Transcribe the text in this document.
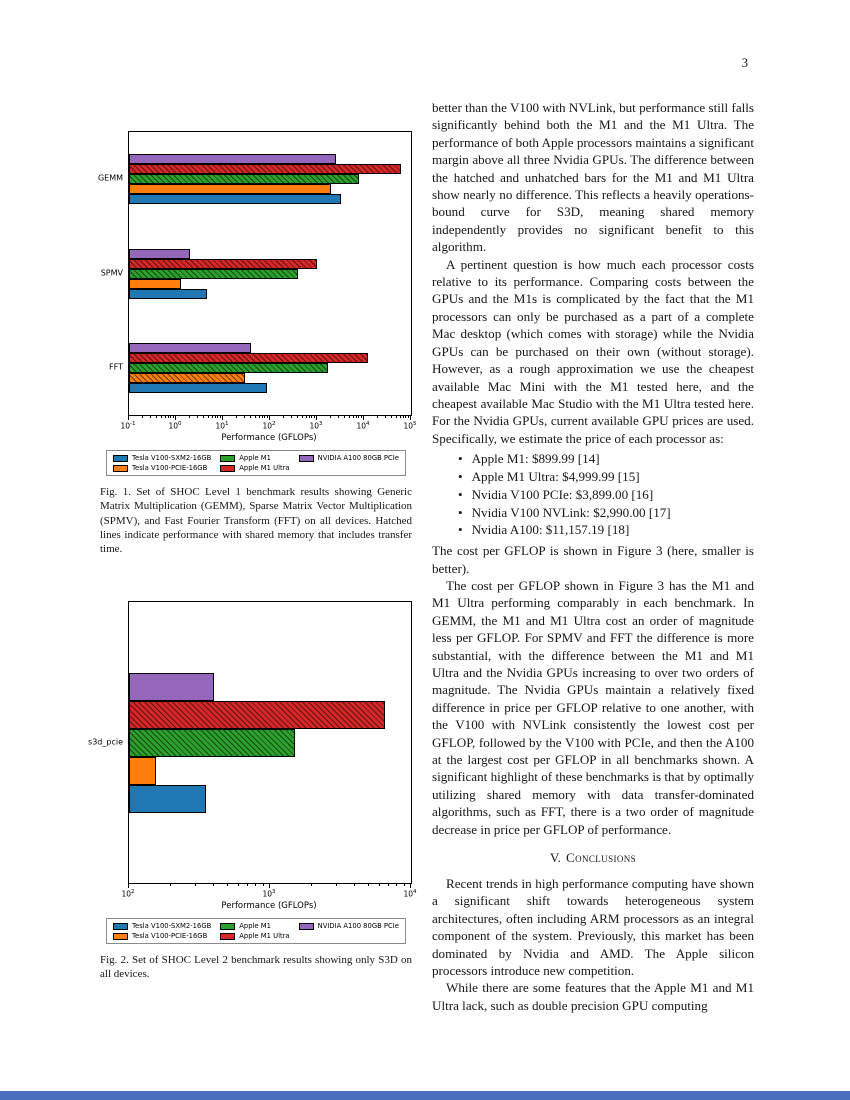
3
GEMM
SPMV
FFT
$10^{-1}$	$10^0$	$10^1$	$10^2$	$10^3$	$10^4$	$10^5$
Performance (GFLOPs)
Tesla V100-SXM2-16GB
Tesla V100-PCIE-16GB
Apple M1
Apple M1 Ultra
NVIDIA A100 80GB PCIe
Fig. 1. Set of SHOC Level 1 benchmark results showing Generic Matrix Multiplication (GEMM), Sparse Matrix Vector Multiplication (SPMV), and Fast Fourier Transform (FFT) on all devices. Hatched lines indicate performance with shared memory that includes transfer time.
s3d_pcie
$10^2$	$10^3$	$10^4$
Performance (GFLOPs)
Tesla V100-SXM2-16GB
Tesla V100-PCIE-16GB
Apple M1
Apple M1 Ultra
NVIDIA A100 80GB PCIe
Fig. 2. Set of SHOC Level 2 benchmark results showing only S3D on all devices.

better than the V100 with NVLink, but performance still falls significantly behind both the M1 and the M1 Ultra. The performance of both Apple processors maintains a significant margin above all three Nvidia GPUs. The difference between the hatched and unhatched bars for the M1 and M1 Ultra show nearly no difference. This reflects a heavily operations-bound curve for S3D, meaning shared memory independently provides no significant benefit to this algorithm.

A pertinent question is how much each processor costs relative to its performance. Comparing costs between the GPUs and the M1s is complicated by the fact that the M1 processors can only be purchased as a part of a complete Mac desktop (which comes with storage) while the Nvidia GPUs can be purchased on their own (without storage). However, as a rough approximation we use the cheapest available Mac Mini with the M1 tested here, and the cheapest available Mac Studio with the M1 Ultra tested here. For the Nvidia GPUs, current available GPU prices are used. Specifically, we estimate the price of each processor as:

• Apple M1: $899.99 [14]
• Apple M1 Ultra: $4,999.99 [15]
• Nvidia V100 PCIe: $3,899.00 [16]
• Nvidia V100 NVLink: $2,990.00 [17]
• Nvidia A100: $11,157.19 [18]

The cost per GFLOP is shown in Figure 3 (here, smaller is better).

The cost per GFLOP shown in Figure 3 has the M1 and M1 Ultra performing comparably in each benchmark. In GEMM, the M1 and M1 Ultra cost an order of magnitude less per GFLOP. For SPMV and FFT the difference is more substantial, with the difference between the M1 and M1 Ultra and the Nvidia GPUs increasing to over two orders of magnitude. The Nvidia GPUs maintain a relatively fixed difference in price per GFLOP relative to one another, with the V100 with NVLink consistently the lowest cost per GFLOP, followed by the V100 with PCIe, and then the A100 at the largest cost per GFLOP in all benchmarks shown. A significant highlight of these benchmarks is that by optimally utilizing shared memory with data transfer-dominated algorithms, such as FFT, there is a two order of magnitude decrease in price per GFLOP of performance.

V. Conclusions

Recent trends in high performance computing have shown a significant shift towards heterogeneous system architectures, often including ARM processors as an integral component of the system. Previously, this market has been dominated by Nvidia and AMD. The Apple silicon processors introduce new competition.

While there are some features that the Apple M1 and M1 Ultra lack, such as double precision GPU computing
